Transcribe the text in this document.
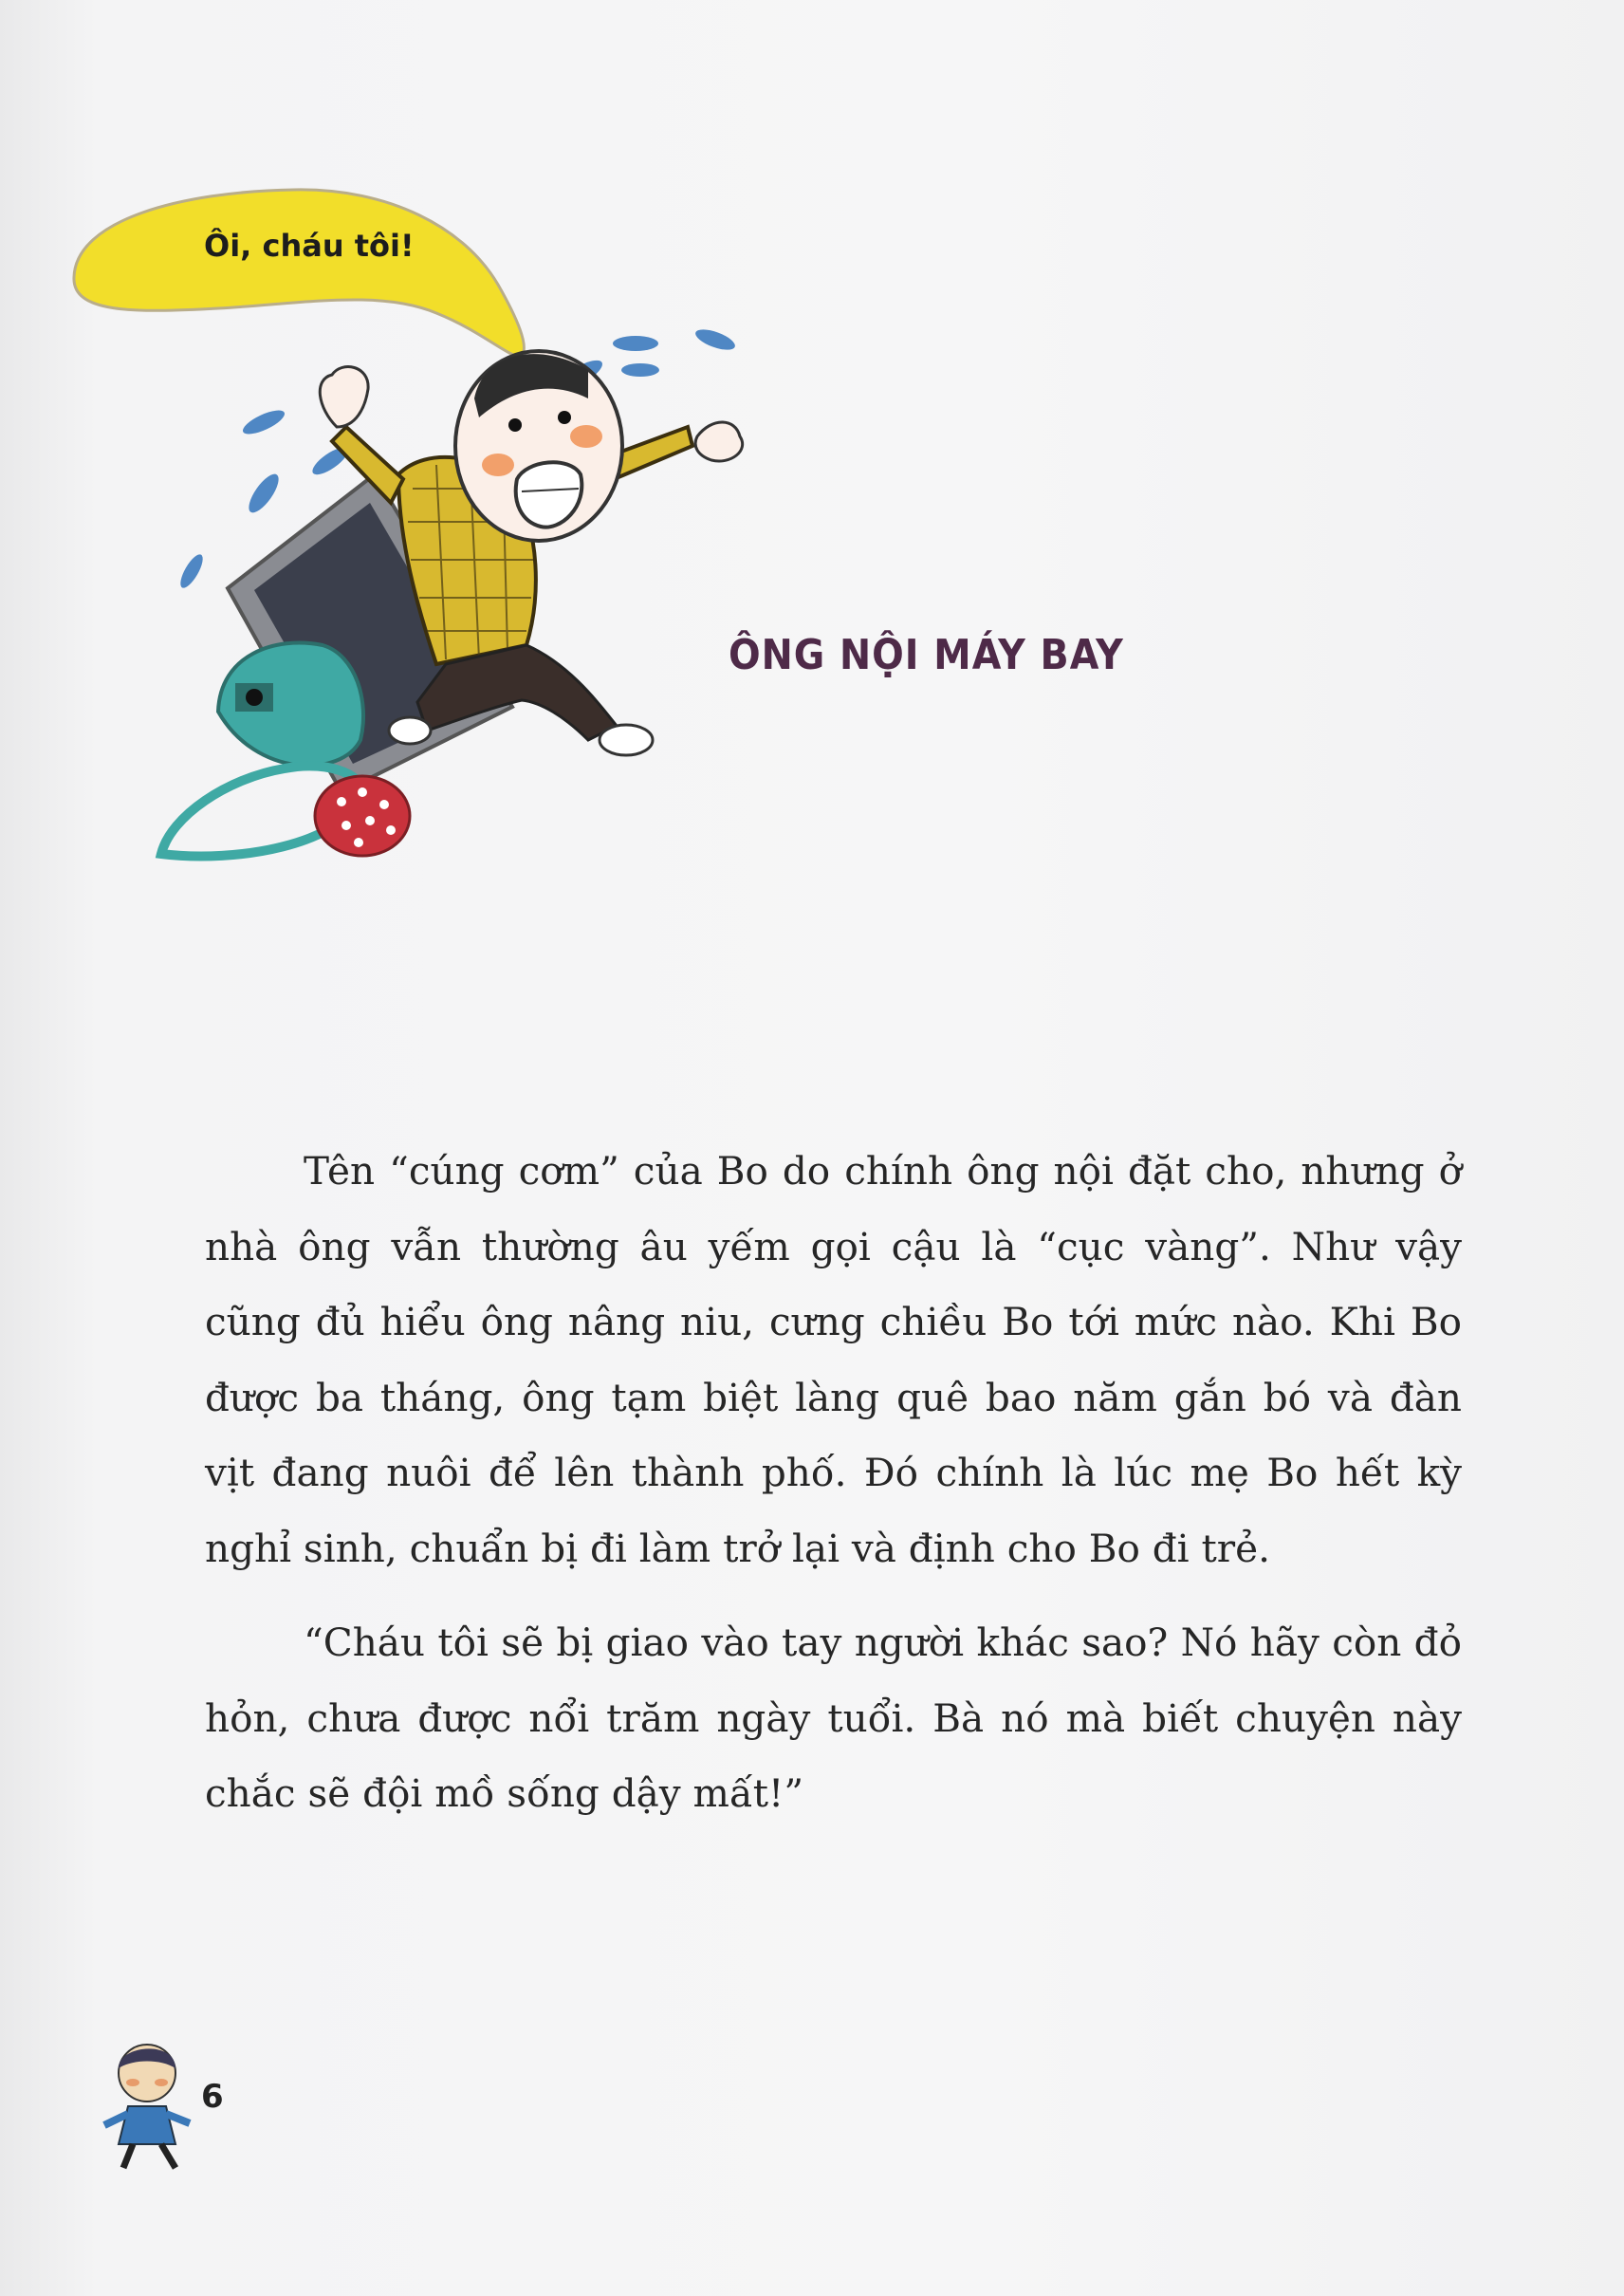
Ôi, cháu tôi!
ÔNG NỘI MÁY BAY

Tên “cúng cơm” của Bo do chính ông nội đặt cho, nhưng ở nhà ông vẫn thường âu yếm gọi cậu là “cục vàng”. Như vậy cũng đủ hiểu ông nâng niu, cưng chiều Bo tới mức nào. Khi Bo được ba tháng, ông tạm biệt làng quê bao năm gắn bó và đàn vịt đang nuôi để lên thành phố. Đó chính là lúc mẹ Bo hết kỳ nghỉ sinh, chuẩn bị đi làm trở lại và định cho Bo đi trẻ.

“Cháu tôi sẽ bị giao vào tay người khác sao? Nó hãy còn đỏ hỏn, chưa được nổi trăm ngày tuổi. Bà nó mà biết chuyện này chắc sẽ đội mồ sống dậy mất!”

6
